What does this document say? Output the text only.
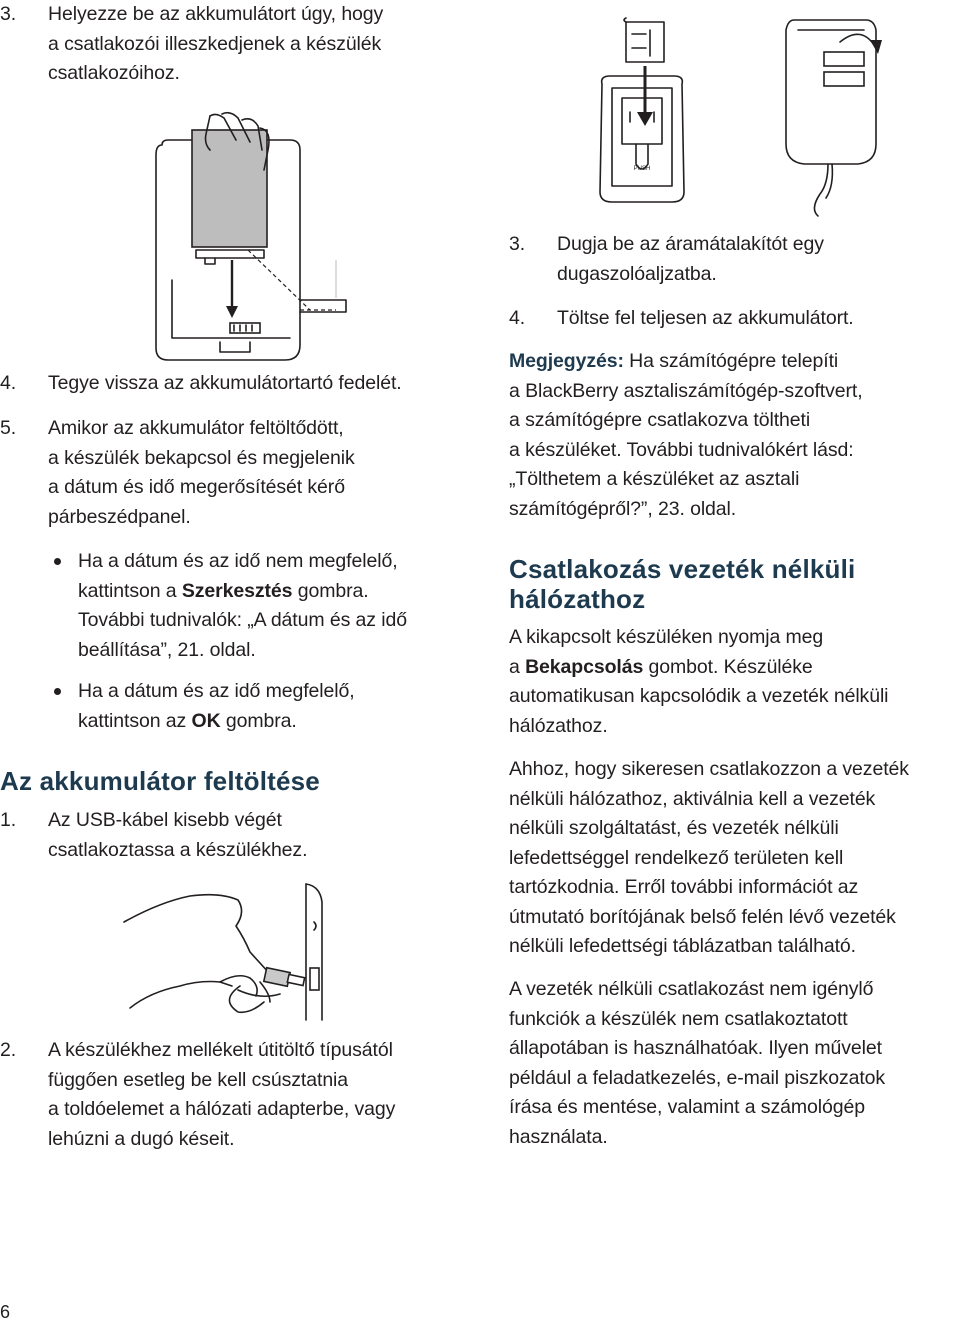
3.	Helyezze be az akkumulátort úgy, hogy

a csatlakozói illeszkedjenek a készülék

csatlakozóihoz.

4.	Tegye vissza az akkumulátortartó fedelét.

5.	Amikor az akkumulátor feltöltődött,

a készülék bekapcsol és megjelenik

a dátum és idő megerősítését kérő

párbeszédpanel.

Ha a dátum és az idő nem megfelelő,

kattintson a Szerkesztés gombra.

További tudnivalók: „A dátum és az idő

beállítása”, 21. oldal.

Ha a dátum és az idő megfelelő,

kattintson az OK gombra.

Az akkumulátor feltöltése
1.	Az USB-kábel kisebb végét

csatlakoztassa a készülékhez.

2.	A készülékhez mellékelt útitöltő típusától

függően esetleg be kell csúsztatnia

a toldóelemet a hálózati adapterbe, vagy

lehúzni a dugó késeit.

PUSH
3.	Dugja be az áramátalakítót egy

dugaszolóaljzatba.

4.	Töltse fel teljesen az akkumulátort.

Megjegyzés: Ha számítógépre telepíti

a BlackBerry asztaliszámítógép-szoftvert,

a számítógépre csatlakozva töltheti

a készüléket. További tudnivalókért lásd:

„Tölthetem a készüléket az asztali

számítógépről?”, 23. oldal.

Csatlakozás vezeték nélküli
hálózathoz

A kikapcsolt készüléken nyomja meg

a Bekapcsolás gombot. Készüléke

automatikusan kapcsolódik a vezeték nélküli

hálózathoz.

Ahhoz, hogy sikeresen csatlakozzon a vezeték

nélküli hálózathoz, aktiválnia kell a vezeték

nélküli szolgáltatást, és vezeték nélküli

lefedettséggel rendelkező területen kell

tartózkodnia. Erről további információt az

útmutató borítójának belső felén lévő vezeték

nélküli lefedettségi táblázatban található.

A vezeték nélküli csatlakozást nem igénylő

funkciók a készülék nem csatlakoztatott

állapotában is használhatóak. Ilyen művelet

például a feladatkezelés, e-mail piszkozatok

írása és mentése, valamint a számológép

használata.

6
